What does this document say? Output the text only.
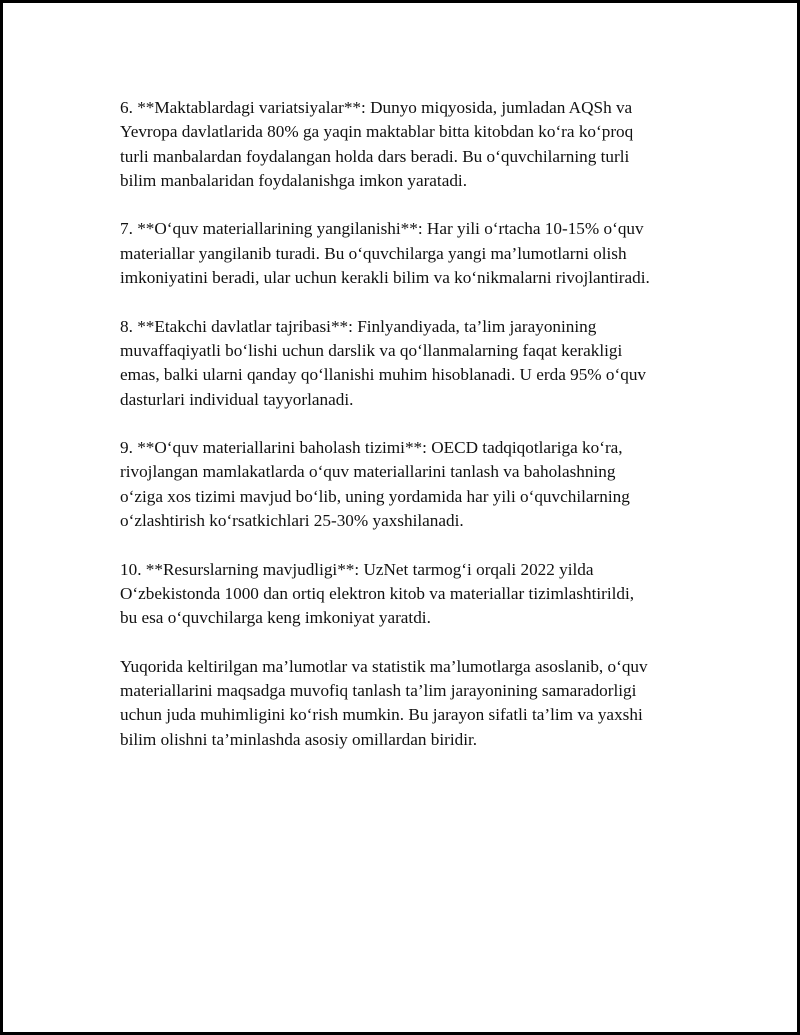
6. **Maktablardagi variatsiyalar**: Dunyo miqyosida, jumladan AQSh va
Yevropa davlatlarida 80% ga yaqin maktablar bitta kitobdan ko‘ra ko‘proq
turli manbalardan foydalangan holda dars beradi. Bu o‘quvchilarning turli
bilim manbalaridan foydalanishga imkon yaratadi.

7. **O‘quv materiallarining yangilanishi**: Har yili o‘rtacha 10-15% o‘quv
materiallar yangilanib turadi. Bu o‘quvchilarga yangi ma’lumotlarni olish
imkoniyatini beradi, ular uchun kerakli bilim va ko‘nikmalarni rivojlantiradi.

8. **Etakchi davlatlar tajribasi**: Finlyandiyada, ta’lim jarayonining
muvaffaqiyatli bo‘lishi uchun darslik va qo‘llanmalarning faqat kerakligi
emas, balki ularni qanday qo‘llanishi muhim hisoblanadi. U erda 95% o‘quv
dasturlari individual tayyorlanadi.

9. **O‘quv materiallarini baholash tizimi**: OECD tadqiqotlariga ko‘ra,
rivojlangan mamlakatlarda o‘quv materiallarini tanlash va baholashning
o‘ziga xos tizimi mavjud bo‘lib, uning yordamida har yili o‘quvchilarning
o‘zlashtirish ko‘rsatkichlari 25-30% yaxshilanadi.

10. **Resurslarning mavjudligi**: UzNet tarmog‘i orqali 2022 yilda
O‘zbekistonda 1000 dan ortiq elektron kitob va materiallar tizimlashtirildi,
bu esa o‘quvchilarga keng imkoniyat yaratdi.

Yuqorida keltirilgan ma’lumotlar va statistik ma’lumotlarga asoslanib, o‘quv
materiallarini maqsadga muvofiq tanlash ta’lim jarayonining samaradorligi
uchun juda muhimligini ko‘rish mumkin. Bu jarayon sifatli ta’lim va yaxshi
bilim olishni ta’minlashda asosiy omillardan biridir.
